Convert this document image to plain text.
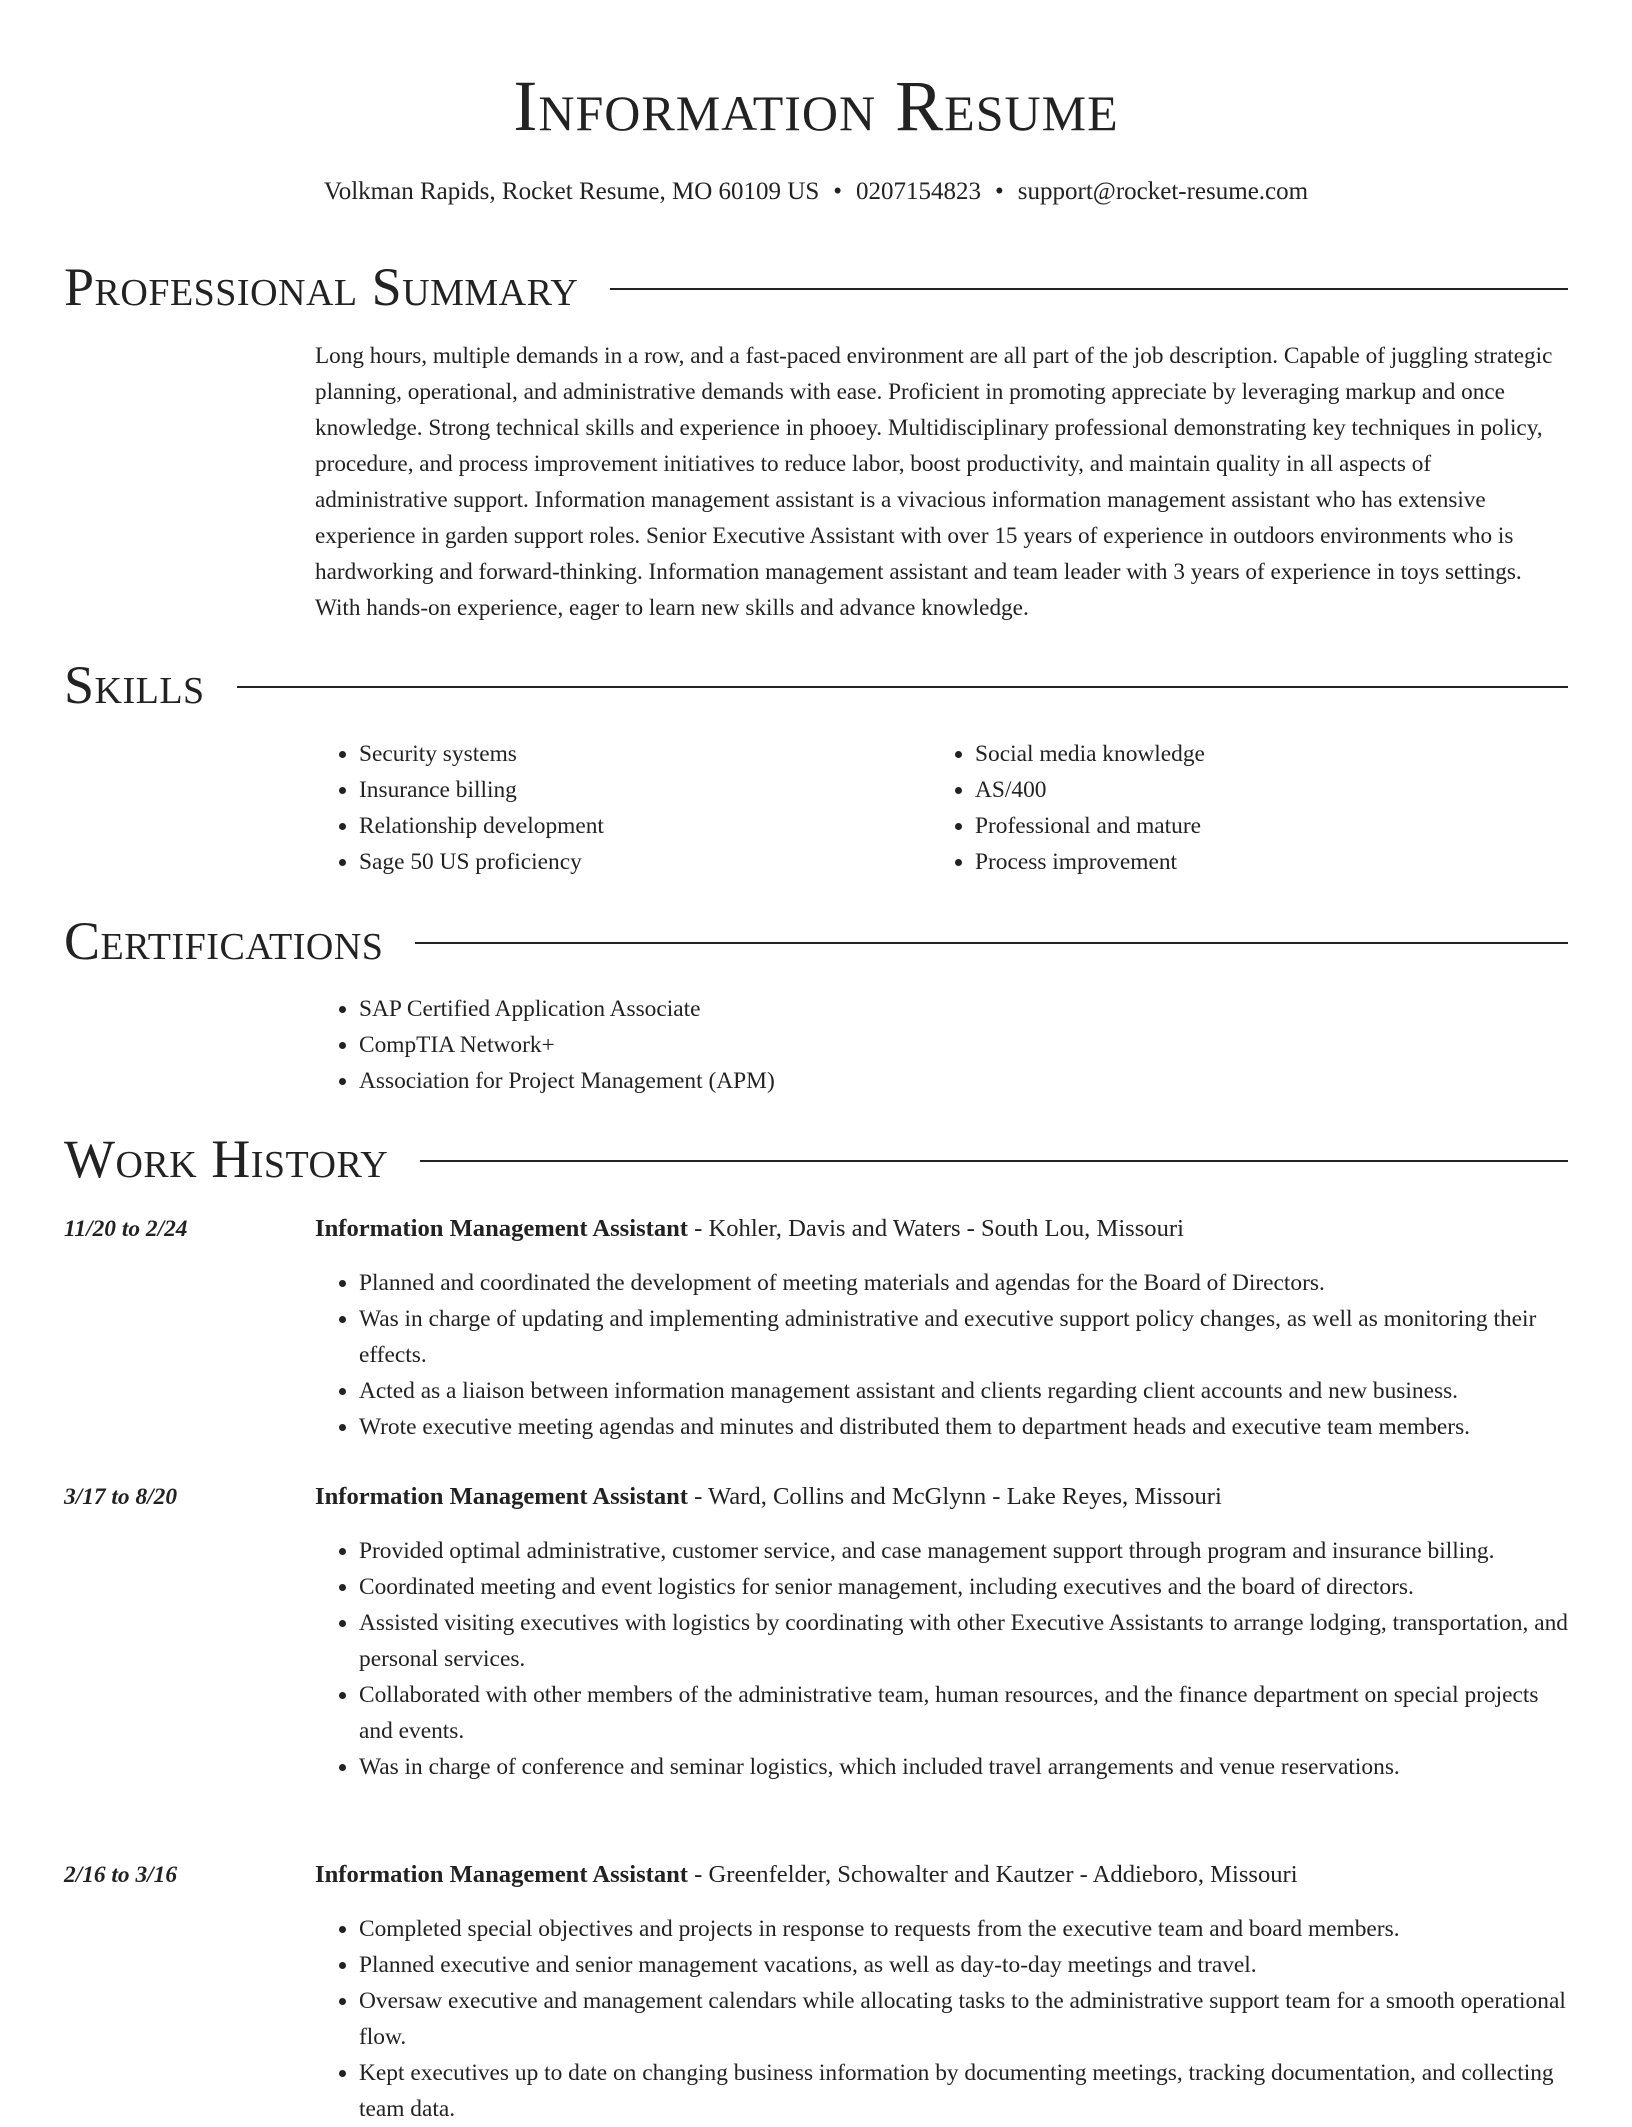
Information Resume
Volkman Rapids, Rocket Resume, MO 60109 US • 0207154823 • support@rocket-resume.com
Professional Summary
Long hours, multiple demands in a row, and a fast-paced environment are all part of the job description. Capable of juggling strategic planning, operational, and administrative demands with ease. Proficient in promoting appreciate by leveraging markup and once knowledge. Strong technical skills and experience in phooey. Multidisciplinary professional demonstrating key techniques in policy, procedure, and process improvement initiatives to reduce labor, boost productivity, and maintain quality in all aspects of administrative support. Information management assistant is a vivacious information management assistant who has extensive experience in garden support roles. Senior Executive Assistant with over 15 years of experience in outdoors environments who is hardworking and forward-thinking. Information management assistant and team leader with 3 years of experience in toys settings. With hands-on experience, eager to learn new skills and advance knowledge.
Skills
• Security systems
• Insurance billing
• Relationship development
• Sage 50 US proficiency
• Social media knowledge
• AS/400
• Professional and mature
• Process improvement
Certifications
• SAP Certified Application Associate
• CompTIA Network+
• Association for Project Management (APM)
Work History
11/20 to 2/24	Information Management Assistant - Kohler, Davis and Waters - South Lou, Missouri
• Planned and coordinated the development of meeting materials and agendas for the Board of Directors.
• Was in charge of updating and implementing administrative and executive support policy changes, as well as monitoring their effects.
• Acted as a liaison between information management assistant and clients regarding client accounts and new business.
• Wrote executive meeting agendas and minutes and distributed them to department heads and executive team members.
3/17 to 8/20	Information Management Assistant - Ward, Collins and McGlynn - Lake Reyes, Missouri
• Provided optimal administrative, customer service, and case management support through program and insurance billing.
• Coordinated meeting and event logistics for senior management, including executives and the board of directors.
• Assisted visiting executives with logistics by coordinating with other Executive Assistants to arrange lodging, transportation, and personal services.
• Collaborated with other members of the administrative team, human resources, and the finance department on special projects and events.
• Was in charge of conference and seminar logistics, which included travel arrangements and venue reservations.
2/16 to 3/16	Information Management Assistant - Greenfelder, Schowalter and Kautzer - Addieboro, Missouri
• Completed special objectives and projects in response to requests from the executive team and board members.
• Planned executive and senior management vacations, as well as day-to-day meetings and travel.
• Oversaw executive and management calendars while allocating tasks to the administrative support team for a smooth operational flow.
• Kept executives up to date on changing business information by documenting meetings, tracking documentation, and collecting team data.
